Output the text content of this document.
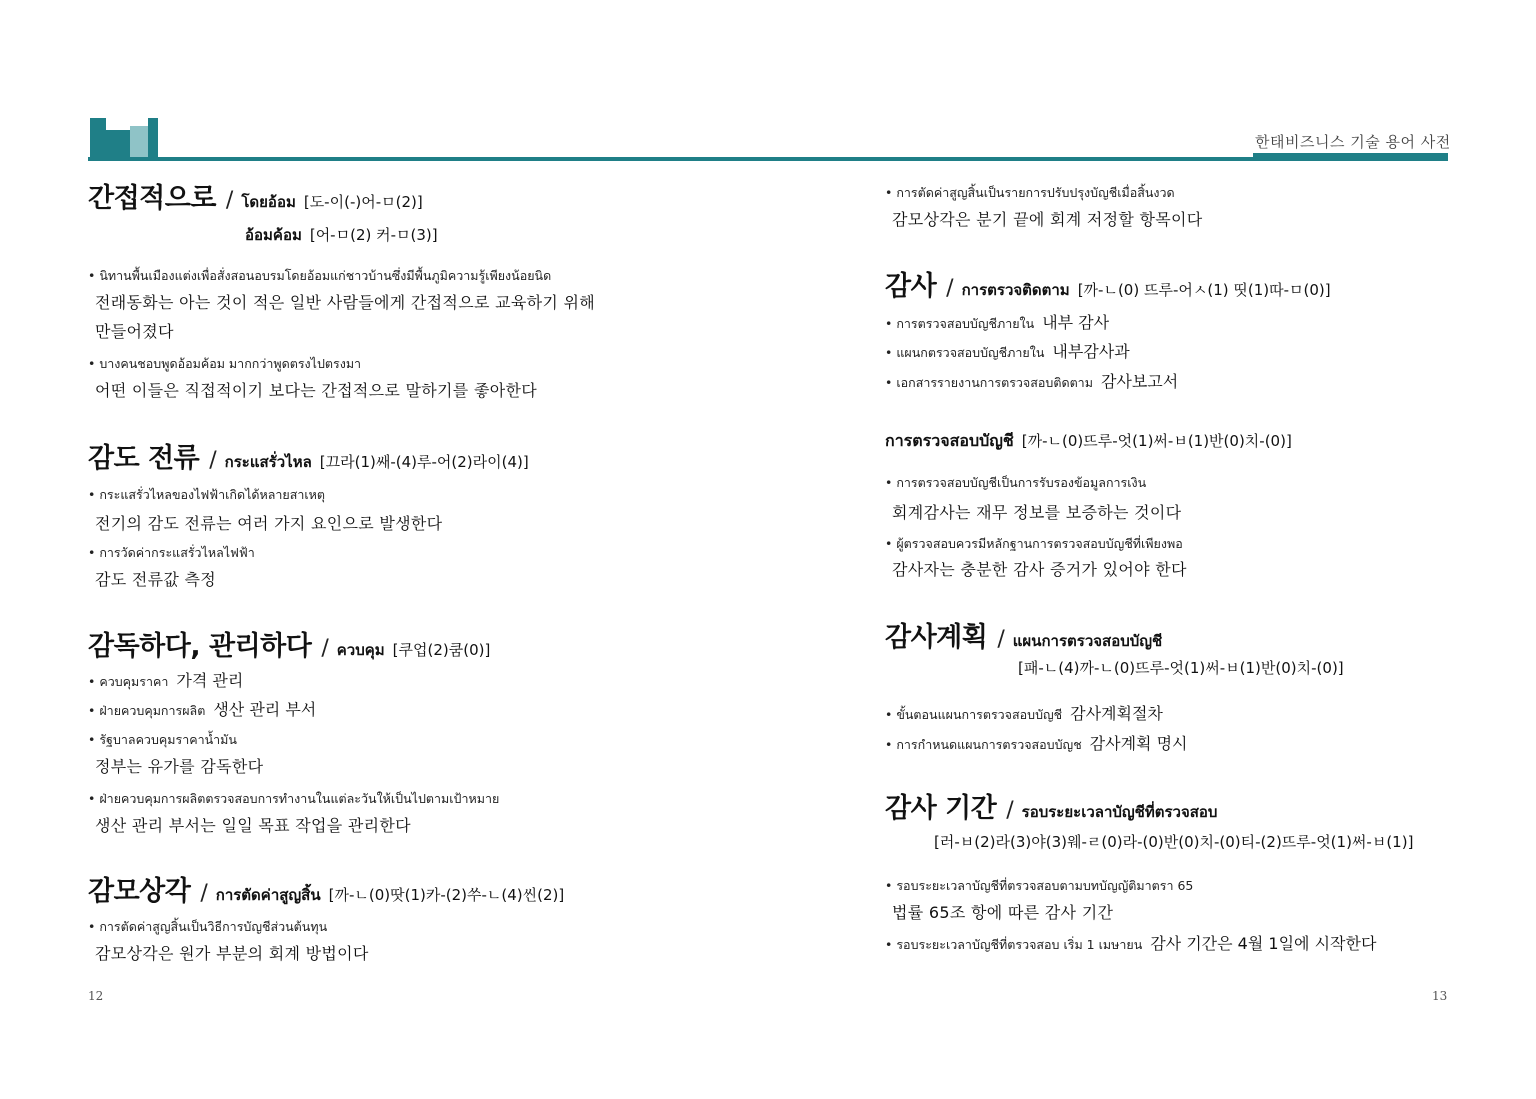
한태비즈니스 기술 용어 사전
간접적으로 / โดยอ้อม [도-이(-)어-ㅁ(2)]
อ้อมค้อม [어-ㅁ(2) 커-ㅁ(3)]
• นิทานพื้นเมืองแต่งเพื่อสั่งสอนอบรมโดยอ้อมแก่ชาวบ้านซึ่งมีพื้นภูมิความรู้เพียงน้อยนิด
전래동화는 아는 것이 적은 일반 사람들에게 간접적으로 교육하기 위해
만들어졌다
• บางคนชอบพูดอ้อมค้อม มากกว่าพูดตรงไปตรงมา
어떤 이들은 직접적이기 보다는 간접적으로 말하기를 좋아한다
감도 전류 / กระแสรั่วไหล [끄라(1)쌔-(4)루-어(2)라이(4)]
• กระแสรั่วไหลของไฟฟ้าเกิดได้หลายสาเหตุ
전기의 감도 전류는 여러 가지 요인으로 발생한다
• การวัดค่ากระแสรั่วไหลไฟฟ้า
감도 전류값 측정
감독하다, 관리하다 / ควบคุม [쿠업(2)쿰(0)]
• ควบคุมราคา 가격 관리
• ฝ่ายควบคุมการผลิต 생산 관리 부서
• รัฐบาลควบคุมราคาน้ำมัน
정부는 유가를 감독한다
• ฝ่ายควบคุมการผลิตตรวจสอบการทำงานในแต่ละวันให้เป็นไปตามเป้าหมาย
생산 관리 부서는 일일 목표 작업을 관리한다
감모상각 / การตัดค่าสูญสิ้น [까-ㄴ(0)땃(1)카-(2)쑤-ㄴ(4)씬(2)]
• การตัดค่าสูญสิ้นเป็นวิธีการบัญชีส่วนต้นทุน
감모상각은 원가 부분의 회계 방법이다
12
• การตัดค่าสูญสิ้นเป็นรายการปรับปรุงบัญชีเมื่อสิ้นงวด
감모상각은 분기 끝에 회계 저정할 항목이다
감사 / การตรวจติดตาม [까-ㄴ(0) 뜨루-어ㅅ(1) 띳(1)따-ㅁ(0)]
• การตรวจสอบบัญชีภายใน 내부 감사
• แผนกตรวจสอบบัญชีภายใน 내부감사과
• เอกสารรายงานการตรวจสอบติดตาม 감사보고서
การตรวจสอบบัญชี [까-ㄴ(0)뜨루-엇(1)써-ㅂ(1)반(0)치-(0)]
• การตรวจสอบบัญชีเป็นการรับรองข้อมูลการเงิน
회계감사는 재무 정보를 보증하는 것이다
• ผู้ตรวจสอบควรมีหลักฐานการตรวจสอบบัญชีที่เพียงพอ
감사자는 충분한 감사 증거가 있어야 한다
감사계획 / แผนการตรวจสอบบัญชี
[패-ㄴ(4)까-ㄴ(0)뜨루-엇(1)써-ㅂ(1)반(0)치-(0)]
• ขั้นตอนแผนการตรวจสอบบัญชี 감사계획절차
• การกำหนดแผนการตรวจสอบบัญช 감사계획 명시
감사 기간 / รอบระยะเวลาบัญชีที่ตรวจสอบ
[러-ㅂ(2)라(3)야(3)웨-ㄹ(0)라-(0)반(0)치-(0)티-(2)뜨루-엇(1)써-ㅂ(1)]
• รอบระยะเวลาบัญชีที่ตรวจสอบตามบทบัญญัติมาตรา 65
법률 65조 항에 따른 감사 기간
• รอบระยะเวลาบัญชีที่ตรวจสอบ เริ่ม 1 เมษายน 감사 기간은 4월 1일에 시작한다
13
